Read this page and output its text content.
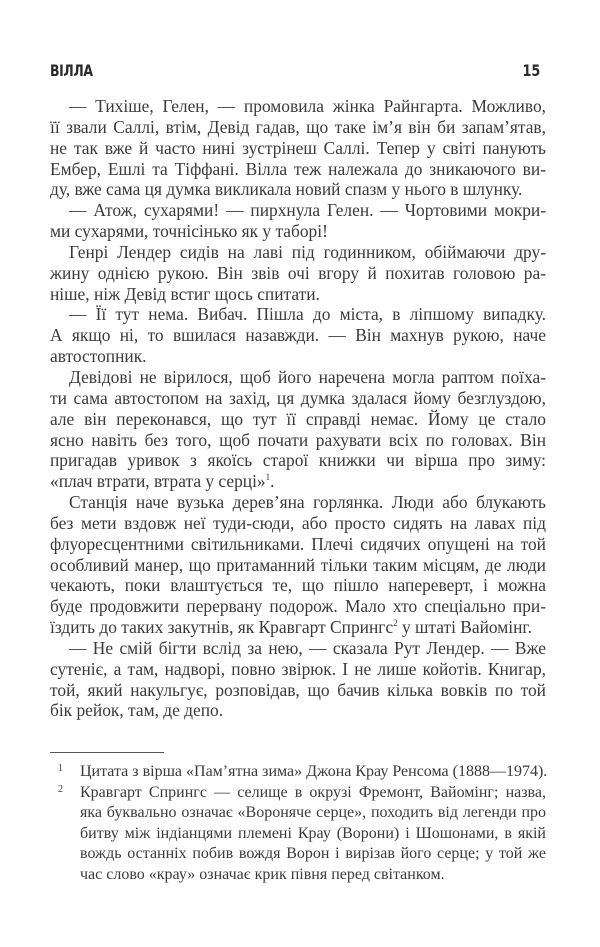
ВІЛЛА	15
— Тихіше, Гелен, — промовила жінка Райнгарта. Можливо,
її звали Саллі, втім, Девід гадав, що таке ім’я він би запам’ятав,
не так вже й часто нині зустрінеш Саллі. Тепер у світі панують
Ембер, Ешлі та Тіффані. Вілла теж належала до зникаючого ви-
ду, вже сама ця думка викликала новий спазм у нього в шлунку.
— Атож, сухарями! — пирхнула Гелен. — Чортовими мокри-
ми сухарями, точнісінько як у таборі!
Генрі Лендер сидів на лаві під годинником, обіймаючи дру-
жину однією рукою. Він звів очі вгору й похитав головою ра-
ніше, ніж Девід встиг щось спитати.
— Її тут нема. Вибач. Пішла до міста, в ліпшому випадку.
А якщо ні, то вшилася назавжди. — Він махнув рукою, наче
автостопник.
Девідові не вірилося, щоб його наречена могла раптом поїха-
ти сама автостопом на захід, ця думка здалася йому безглуздою,
але він переконався, що тут її справді немає. Йому це стало
ясно навіть без того, щоб почати рахувати всіх по головах. Він
пригадав уривок з якоїсь старої книжки чи вірша про зиму:
«плач втрати, втрата у серці»$^1$.
Станція наче вузька дерев’яна горлянка. Люди або блукають
без мети вздовж неї туди-сюди, або просто сидять на лавах під
флуоресцентними світильниками. Плечі сидячих опущені на той
особливий манер, що притаманний тільки таким місцям, де люди
чекають, поки влаштується те, що пішло напереверт, і можна
буде продовжити перервану подорож. Мало хто спеціально при-
їздить до таких закутнів, як Кравгарт Спрингс$^2$ у штаті Вайомінг.
— Не смій бігти вслід за нею, — сказала Рут Лендер. — Вже
сутеніє, а там, надворі, повно звірюк. І не лише койотів. Книгар,
той, який накульгує, розповідав, що бачив кілька вовків по той
бік рейок, там, де депо.
1 Цитата з вірша «Пам’ятна зима» Джона Крау Ренсома (1888—1974).
2 Кравгарт Спрингс — селище в окрузі Фремонт, Вайомінг; назва,
яка буквально означає «Вороняче серце», походить від легенди про
битву між індіанцями племені Крау (Ворони) і Шошонами, в якій
вождь останніх побив вождя Ворон і вирізав його серце; у той же
час слово «крау» означає крик півня перед світанком.
